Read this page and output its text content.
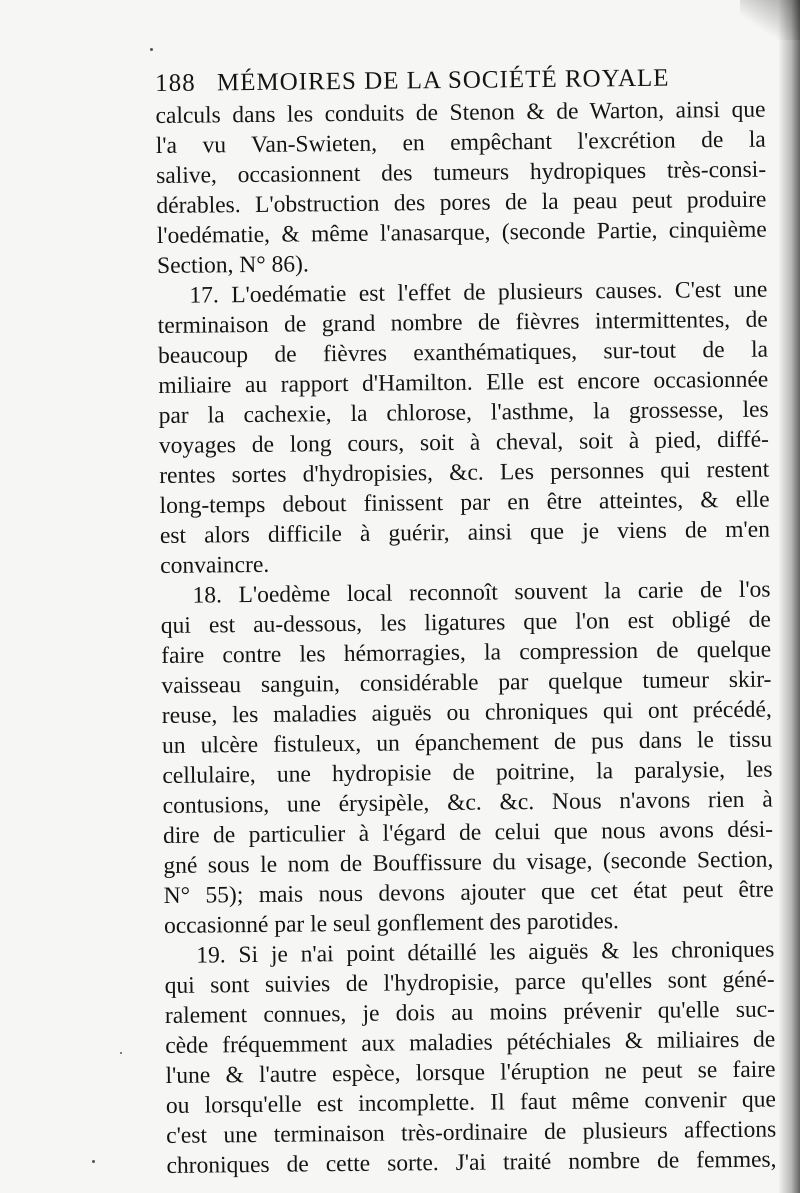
188 MÉMOIRES DE LA SOCIÉTÉ ROYALE
calculs dans les conduits de Stenon & de Warton, ainsi que
l'a vu Van-Swieten, en empêchant l'excrétion de la
salive, occasionnent des tumeurs hydropiques très-consi-
dérables. L'obstruction des pores de la peau peut produire
l'oedématie, & même l'anasarque, (seconde Partie, cinquième
Section, N° 86).
17. L'oedématie est l'effet de plusieurs causes. C'est une
terminaison de grand nombre de fièvres intermittentes, de
beaucoup de fièvres exanthématiques, sur-tout de la
miliaire au rapport d'Hamilton. Elle est encore occasionnée
par la cachexie, la chlorose, l'asthme, la grossesse, les
voyages de long cours, soit à cheval, soit à pied, diffé-
rentes sortes d'hydropisies, &c. Les personnes qui restent
long-temps debout finissent par en être atteintes, & elle
est alors difficile à guérir, ainsi que je viens de m'en
convaincre.
18. L'oedème local reconnoît souvent la carie de l'os
qui est au-dessous, les ligatures que l'on est obligé de
faire contre les hémorragies, la compression de quelque
vaisseau sanguin, considérable par quelque tumeur skir-
reuse, les maladies aiguës ou chroniques qui ont précédé,
un ulcère fistuleux, un épanchement de pus dans le tissu
cellulaire, une hydropisie de poitrine, la paralysie, les
contusions, une érysipèle, &c. &c. Nous n'avons rien à
dire de particulier à l'égard de celui que nous avons dési-
gné sous le nom de Bouffissure du visage, (seconde Section,
N° 55); mais nous devons ajouter que cet état peut être
occasionné par le seul gonflement des parotides.
19. Si je n'ai point détaillé les aiguës & les chroniques
qui sont suivies de l'hydropisie, parce qu'elles sont géné-
ralement connues, je dois au moins prévenir qu'elle suc-
cède fréquemment aux maladies pétéchiales & miliaires de
l'une & l'autre espèce, lorsque l'éruption ne peut se faire
ou lorsqu'elle est incomplette. Il faut même convenir que
c'est une terminaison très-ordinaire de plusieurs affections
chroniques de cette sorte. J'ai traité nombre de femmes,
